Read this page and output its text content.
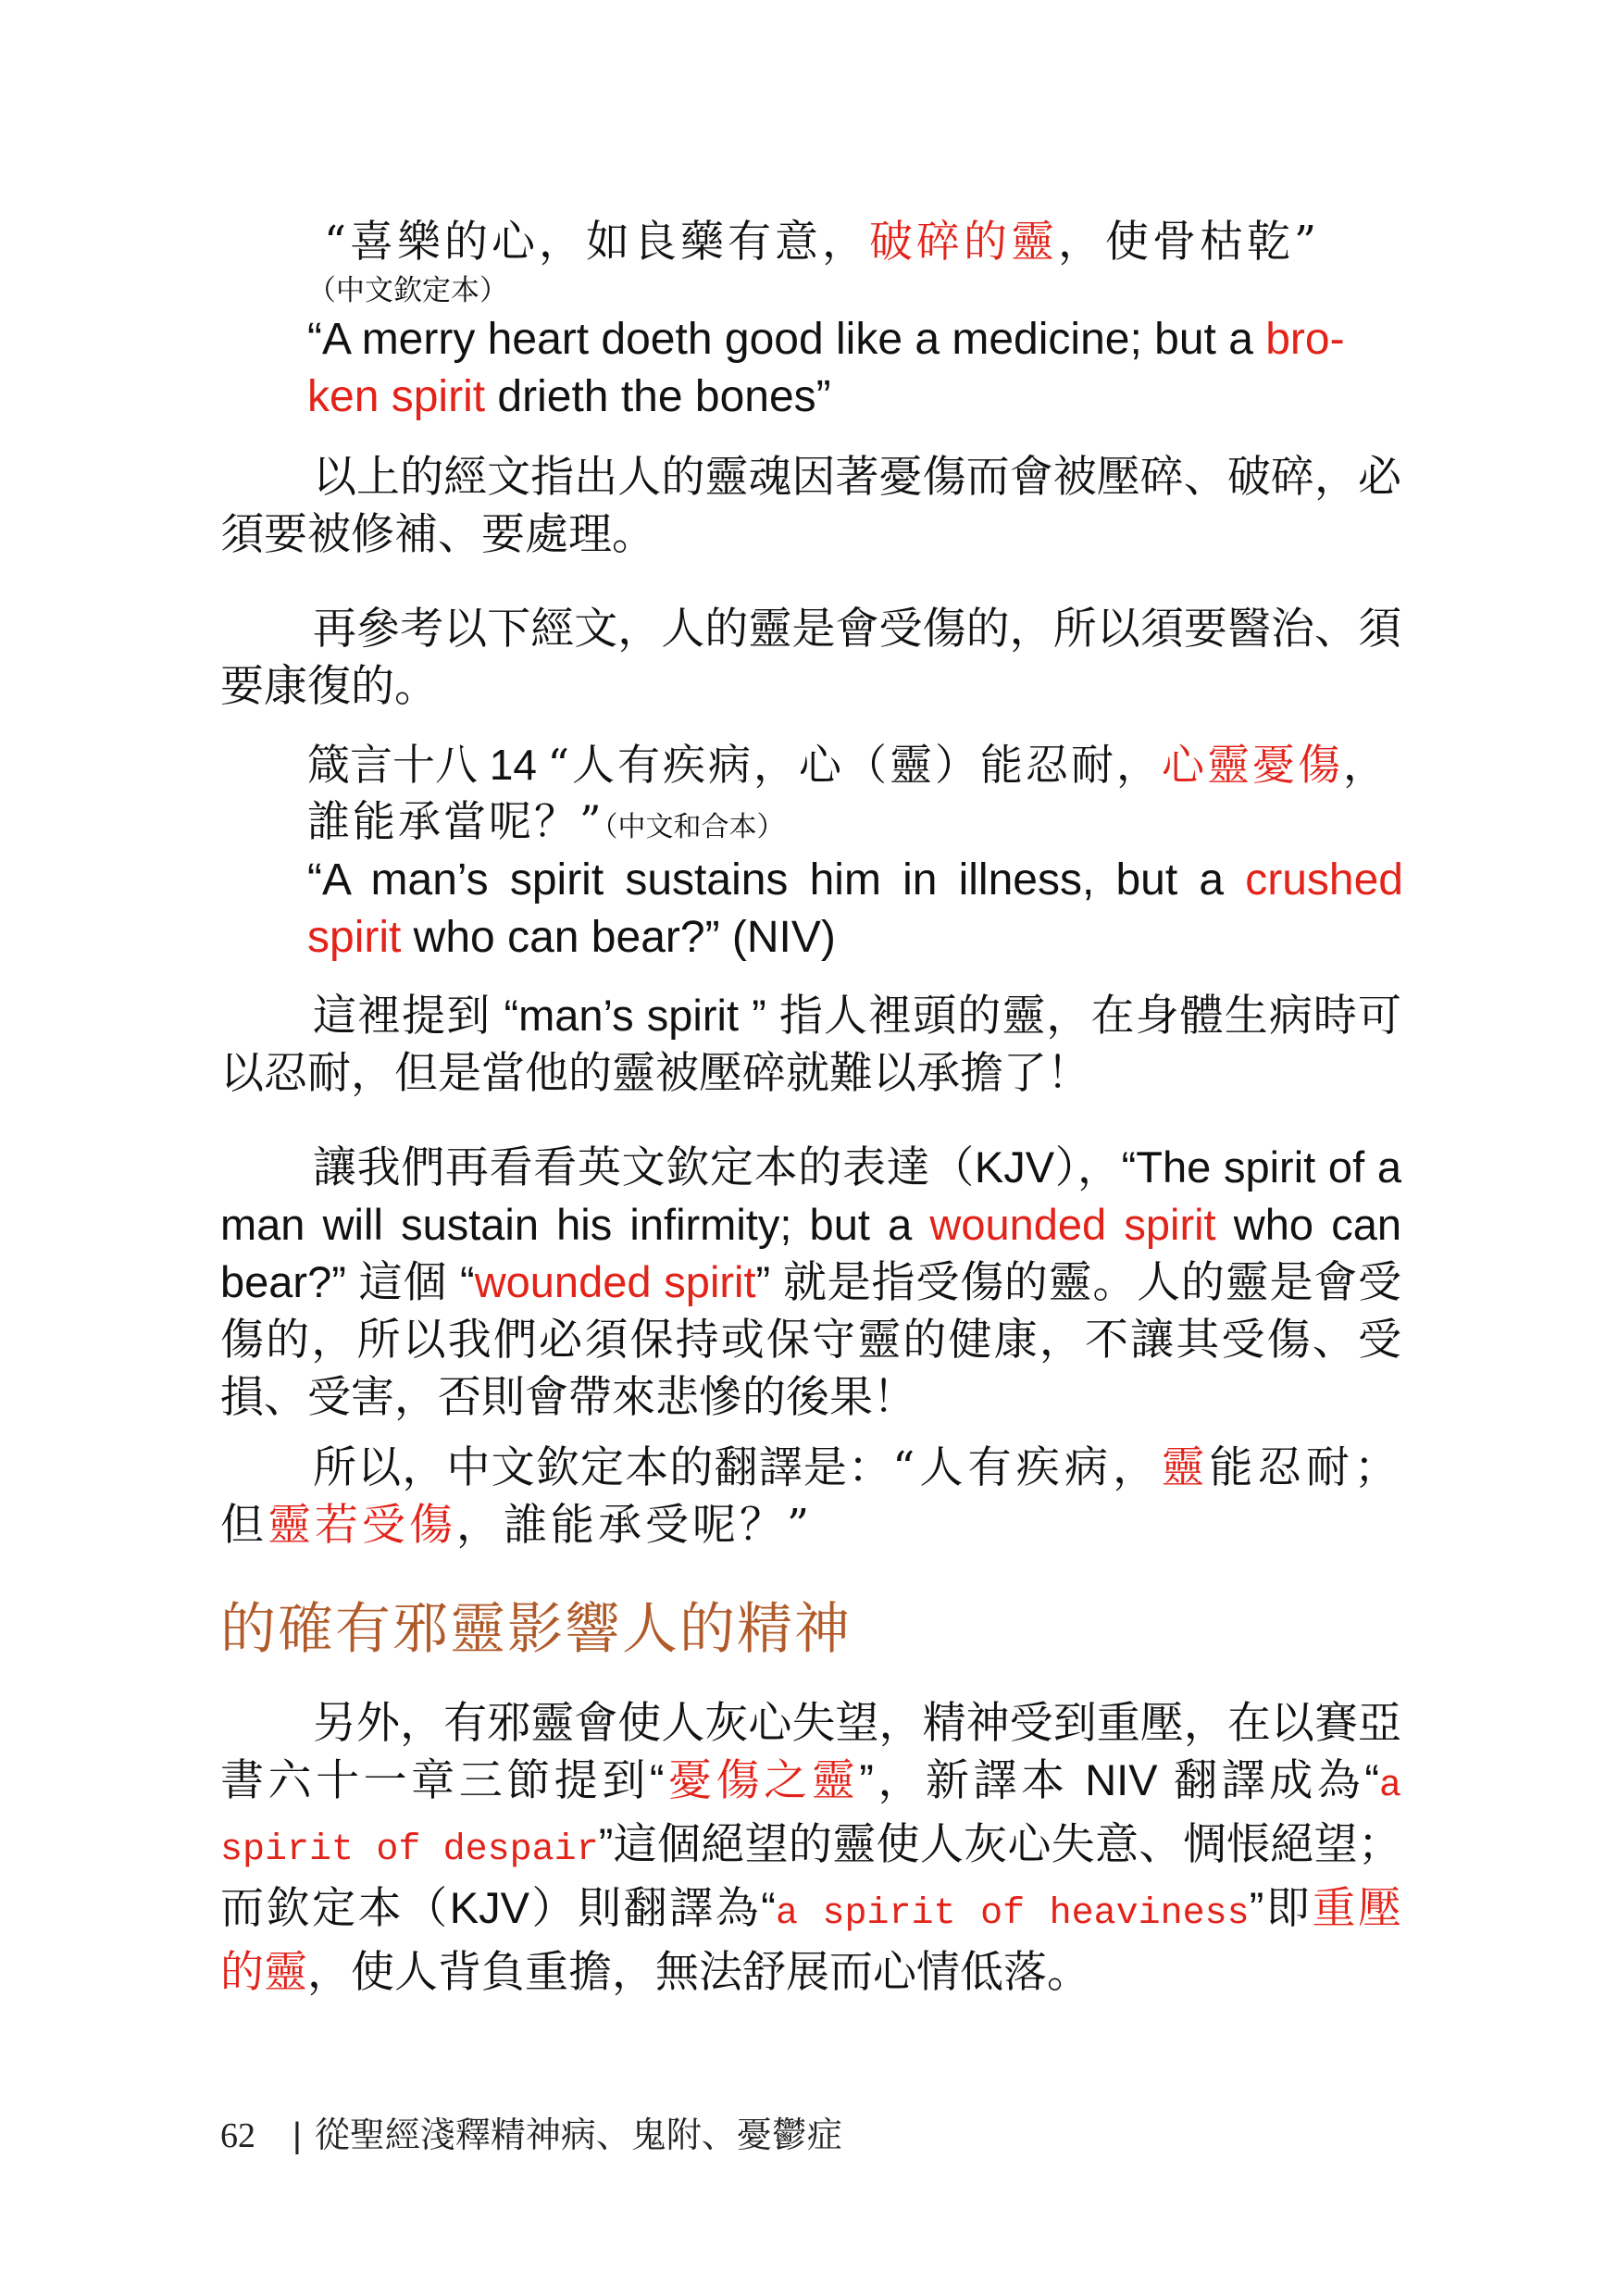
“喜樂的心，如良藥有意，破碎的靈，使骨枯乾”
（中文欽定本）
“A merry heart doeth good like a medicine; but a bro-ken spirit drieth the bones”
以上的經文指出人的靈魂因著憂傷而會被壓碎、破碎，必須要被修補、要處理。
再參考以下經文，人的靈是會受傷的，所以須要醫治、須要康復的。
箴言十八 14 “人有疾病，心（靈）能忍耐，心靈憂傷，誰能承當呢？”（中文和合本）
“A man’s spirit sustains him in illness, but a crushed spirit who can bear?” (NIV)
這裡提到 “man’s spirit ” 指人裡頭的靈，在身體生病時可以忍耐，但是當他的靈被壓碎就難以承擔了！
讓我們再看看英文欽定本的表達（KJV），“The spirit of a man will sustain his infirmity; but a wounded spirit who can bear?” 這個 “wounded spirit” 就是指受傷的靈。人的靈是會受傷的，所以我們必須保持或保守靈的健康，不讓其受傷、受損、受害，否則會帶來悲慘的後果！
所以，中文欽定本的翻譯是：“人有疾病，靈能忍耐；但靈若受傷，誰能承受呢？”
的確有邪靈影響人的精神
另外，有邪靈會使人灰心失望，精神受到重壓，在以賽亞書六十一章三節提到“憂傷之靈”，新譯本 NIV 翻譯成為“a spirit of despair”這個絕望的靈使人灰心失意、惆悵絕望；而欽定本（KJV）則翻譯為“a spirit of heaviness”即重壓的靈，使人背負重擔，無法舒展而心情低落。
62 | 從聖經淺釋精神病、鬼附、憂鬱症
